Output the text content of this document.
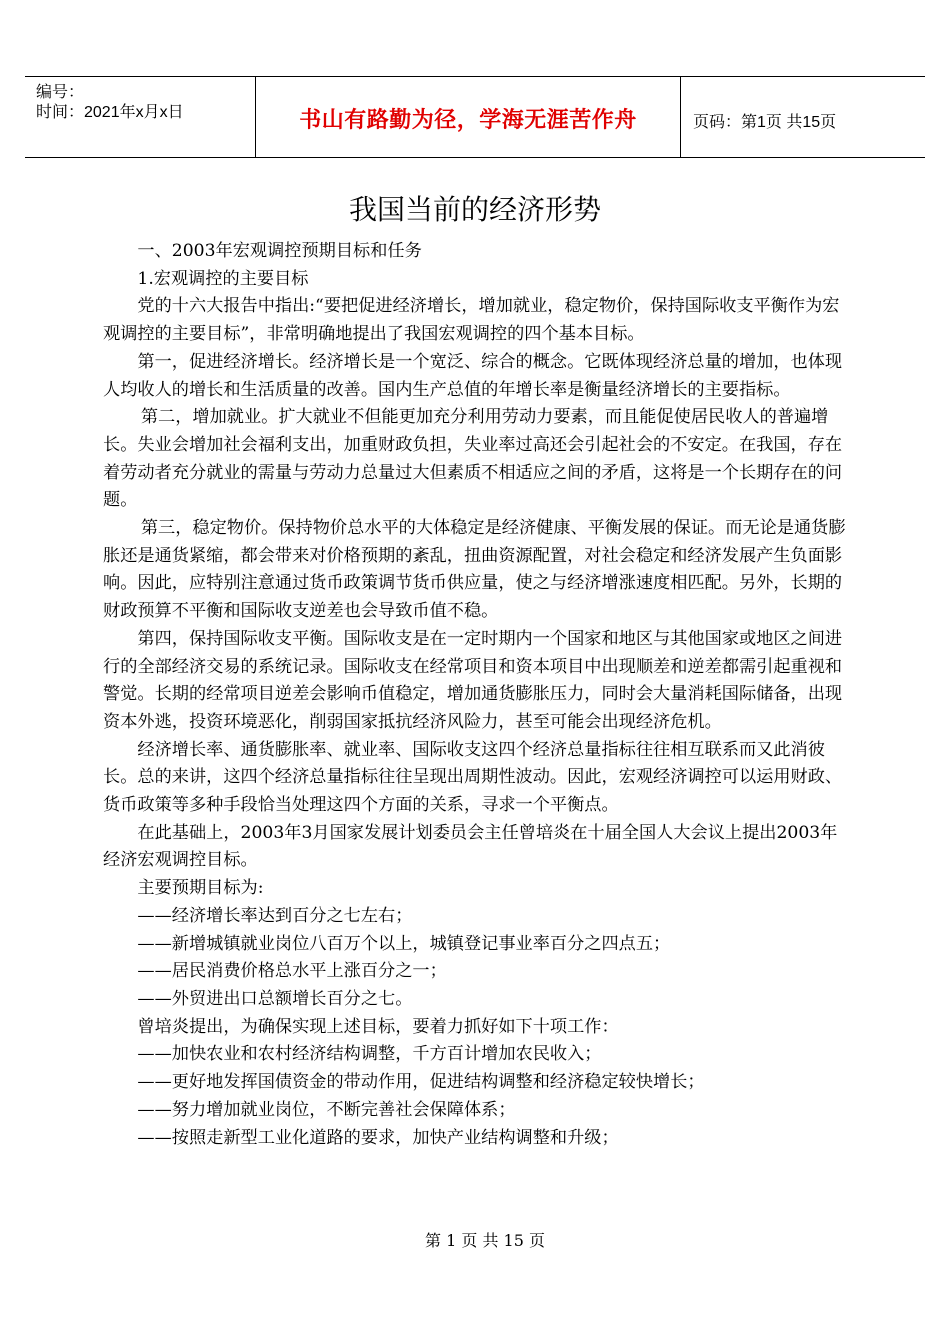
编号：
时间：2021年x月x日	书山有路勤为径，学海无涯苦作舟	页码：第1页 共15页
我国当前的经济形势

一、2003年宏观调控预期目标和任务

1.宏观调控的主要目标

党的十六大报告中指出:“要把促进经济增长，增加就业，稳定物价，保持国际收支平衡作为宏观调控的主要目标”，非常明确地提出了我国宏观调控的四个基本目标。

第一，促进经济增长。经济增长是一个宽泛、综合的概念。它既体现经济总量的增加，也体现人均收人的增长和生活质量的改善。国内生产总值的年增长率是衡量经济增长的主要指标。

第二，增加就业。扩大就业不但能更加充分利用劳动力要素，而且能促使居民收人的普遍增长。失业会增加社会福利支出，加重财政负担，失业率过高还会引起社会的不安定。在我国，存在着劳动者充分就业的需量与劳动力总量过大但素质不相适应之间的矛盾，这将是一个长期存在的问题。

第三，稳定物价。保持物价总水平的大体稳定是经济健康、平衡发展的保证。而无论是通货膨胀还是通货紧缩，都会带来对价格预期的紊乱，扭曲资源配置，对社会稳定和经济发展产生负面影响。因此，应特别注意通过货币政策调节货币供应量，使之与经济增涨速度相匹配。另外，长期的财政预算不平衡和国际收支逆差也会导致币值不稳。

第四，保持国际收支平衡。国际收支是在一定时期内一个国家和地区与其他国家或地区之间进行的全部经济交易的系统记录。国际收支在经常项目和资本项目中出现顺差和逆差都需引起重视和警觉。长期的经常项目逆差会影响币值稳定，增加通货膨胀压力，同时会大量消耗国际储备，出现资本外逃，投资环境恶化，削弱国家抵抗经济风险力，甚至可能会出现经济危机。

经济增长率、通货膨胀率、就业率、国际收支这四个经济总量指标往往相互联系而又此消彼长。总的来讲，这四个经济总量指标往往呈现出周期性波动。因此，宏观经济调控可以运用财政、货币政策等多种手段恰当处理这四个方面的关系，寻求一个平衡点。

在此基础上，2003年3月国家发展计划委员会主任曾培炎在十届全国人大会议上提出2003年经济宏观调控目标。

主要预期目标为:

——经济增长率达到百分之七左右；

——新增城镇就业岗位八百万个以上，城镇登记事业率百分之四点五；

——居民消费价格总水平上涨百分之一；

——外贸进出口总额增长百分之七。

曾培炎提出，为确保实现上述目标，要着力抓好如下十项工作：

——加快农业和农村经济结构调整，千方百计增加农民收入；

——更好地发挥国债资金的带动作用，促进结构调整和经济稳定较快增长；

——努力增加就业岗位，不断完善社会保障体系；

——按照走新型工业化道路的要求，加快产业结构调整和升级；

第 1 页 共 15 页
